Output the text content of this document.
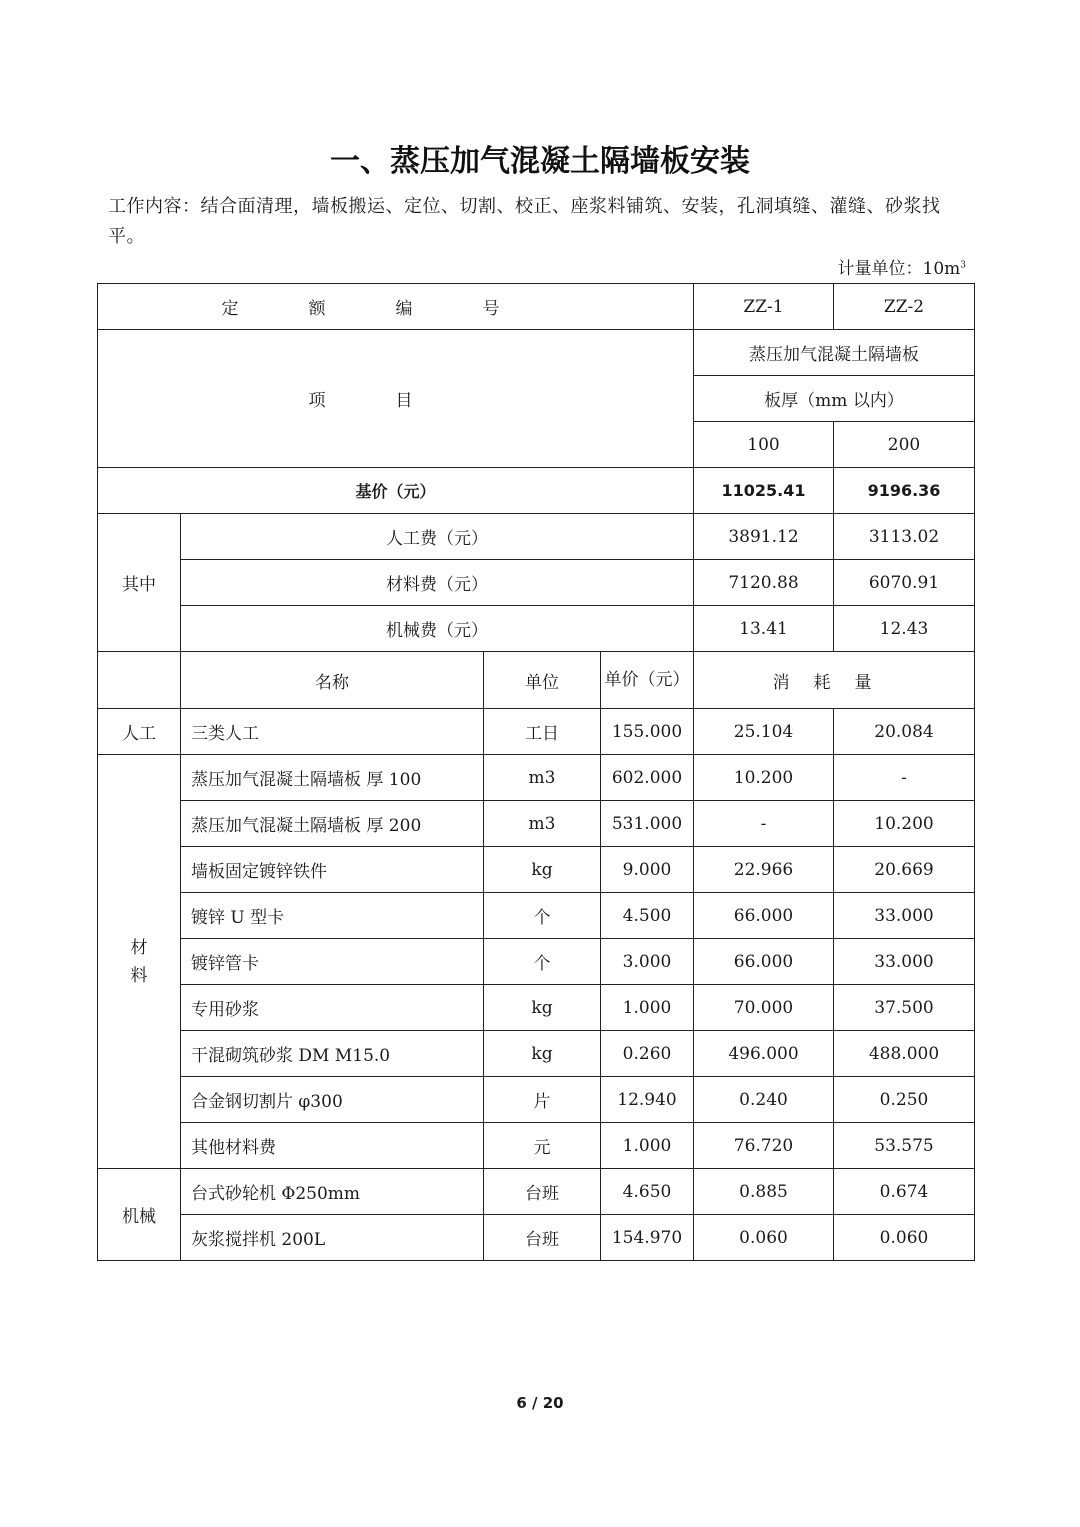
一、蒸压加气混凝土隔墙板安装
工作内容：结合面清理，墙板搬运、定位、切割、校正、座浆料铺筑、安装，孔洞填缝、灌缝、砂浆找平。
计量单位：$10m^3$
定额编号				ZZ-1	ZZ-2
项目				蒸压加气混凝土隔墙板	
				板厚（mm 以内）	
				100	200
基价（元）				11025.41	9196.36
其中	人工费（元）			3891.12	3113.02
	材料费（元）			7120.88	6070.91
	机械费（元）			13.41	12.43
	名称	单位	单价（元）	消耗量	
人工	三类人工	工日	155.000	25.104	20.084
材料	蒸压加气混凝土隔墙板 厚 100	m3	602.000	10.200	-
	蒸压加气混凝土隔墙板 厚 200	m3	531.000	-	10.200
	墙板固定镀锌铁件	kg	9.000	22.966	20.669
	镀锌 U 型卡	个	4.500	66.000	33.000
	镀锌管卡	个	3.000	66.000	33.000
	专用砂浆	kg	1.000	70.000	37.500
	干混砌筑砂浆 DM M15.0	kg	0.260	496.000	488.000
	合金钢切割片 φ300	片	12.940	0.240	0.250
	其他材料费	元	1.000	76.720	53.575
机械	台式砂轮机 Φ250mm	台班	4.650	0.885	0.674
	灰浆搅拌机 200L	台班	154.970	0.060	0.060
6 / 20
